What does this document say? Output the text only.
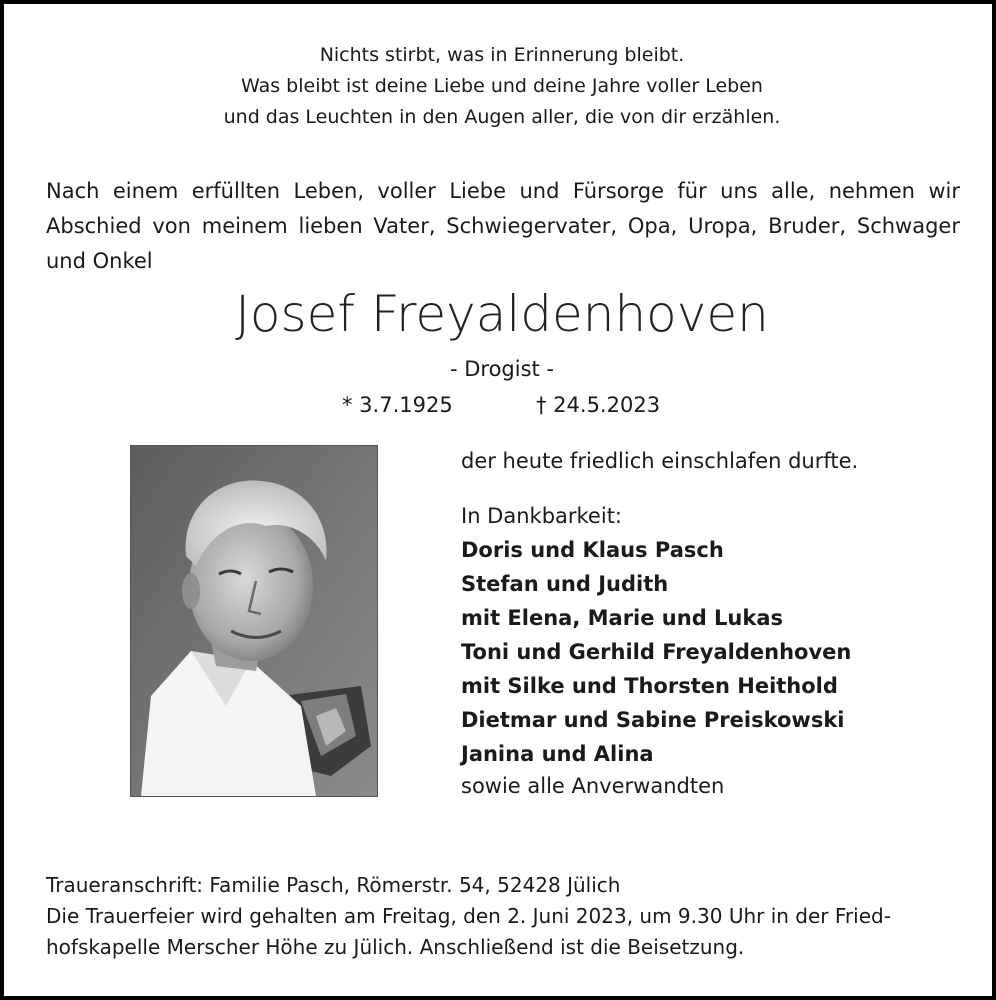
Nichts stirbt, was in Erinnerung bleibt.
Was bleibt ist deine Liebe und deine Jahre voller Leben
und das Leuchten in den Augen aller, die von dir erzählen.
Nach einem erfüllten Leben, voller Liebe und Fürsorge für uns alle, nehmen wir Abschied von meinem lieben Vater, Schwiegervater, Opa, Uropa, Bruder, Schwager und Onkel
Josef Freyaldenhoven
- Drogist -
* 3.7.1925	† 24.5.2023
der heute friedlich einschlafen durfte.
In Dankbarkeit:
Doris und Klaus Pasch
Stefan und Judith
mit Elena, Marie und Lukas
Toni und Gerhild Freyaldenhoven
mit Silke und Thorsten Heithold
Dietmar und Sabine Preiskowski
Janina und Alina
sowie alle Anverwandten
Traueranschrift: Familie Pasch, Römerstr. 54, 52428 Jülich
Die Trauerfeier wird gehalten am Freitag, den 2. Juni 2023, um 9.30 Uhr in der Fried-
hofskapelle Merscher Höhe zu Jülich. Anschließend ist die Beisetzung.
